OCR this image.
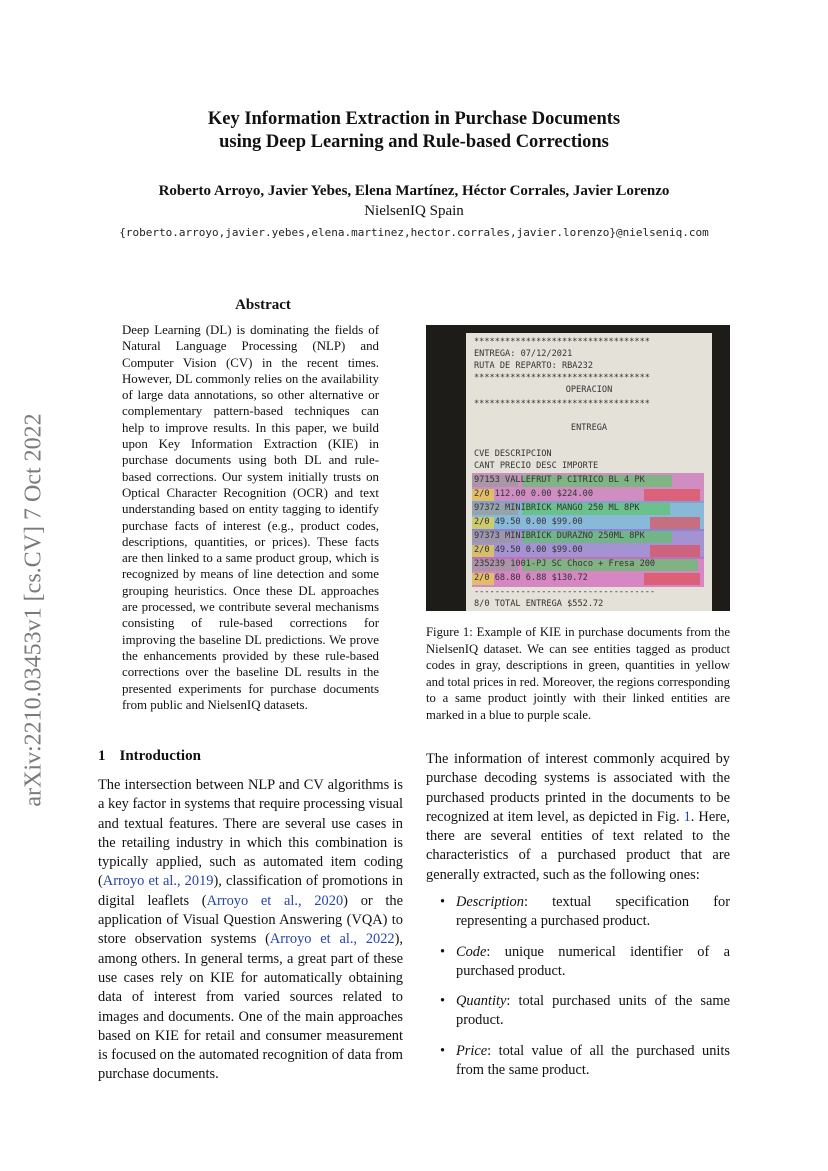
Key Information Extraction in Purchase Documents
using Deep Learning and Rule-based Corrections
Roberto Arroyo, Javier Yebes, Elena Martínez, Héctor Corrales, Javier Lorenzo
NielsenIQ Spain
{roberto.arroyo,javier.yebes,elena.martinez,hector.corrales,javier.lorenzo}@nielseniq.com
arXiv:2210.03453v1 [cs.CV] 7 Oct 2022
Abstract
Deep Learning (DL) is dominating the fields of Natural Language Processing (NLP) and Computer Vision (CV) in the recent times. However, DL commonly relies on the availability of large data annotations, so other alternative or complementary pattern-based techniques can help to improve results. In this paper, we build upon Key Information Extraction (KIE) in purchase documents using both DL and rule-based corrections. Our system initially trusts on Optical Character Recognition (OCR) and text understanding based on entity tagging to identify purchase facts of interest (e.g., product codes, descriptions, quantities, or prices). These facts are then linked to a same product group, which is recognized by means of line detection and some grouping heuristics. Once these DL approaches are processed, we contribute several mechanisms consisting of rule-based corrections for improving the baseline DL predictions. We prove the enhancements provided by these rule-based corrections over the baseline DL results in the presented experiments for purchase documents from public and NielsenIQ datasets.
1 Introduction
The intersection between NLP and CV algorithms is a key factor in systems that require processing visual and textual features. There are several use cases in the retailing industry in which this combination is typically applied, such as automated item coding (Arroyo et al., 2019), classification of promotions in digital leaflets (Arroyo et al., 2020) or the application of Visual Question Answering (VQA) to store observation systems (Arroyo et al., 2022), among others. In general terms, a great part of these use cases rely on KIE for automatically obtaining data of interest from varied sources related to images and documents. One of the main approaches based on KIE for retail and consumer measurement is focused on the automated recognition of data from purchase documents.
**********************************
ENTREGA: 07/12/2021
RUTA DE REPARTO: RBA232
**********************************
OPERACION
**********************************
ENTREGA
CVE DESCRIPCION
CANT PRECIO DESC IMPORTE
97153 VALLEFRUT P CITRICO BL 4 PK
2/0 112.00 0.00 $224.00
97372 MINIBRICK MANGO 250 ML 8PK
2/0 49.50 0.00 $99.00
97373 MINIBRICK DURAZNO 250ML 8PK
2/0 49.50 0.00 $99.00
235239 1001-PJ SC Choco + Fresa 200
2/0 68.80 6.88 $130.72
-----------------------------------
8/0 TOTAL ENTREGA $552.72
Figure 1: Example of KIE in purchase documents from the NielsenIQ dataset. We can see entities tagged as product codes in gray, descriptions in green, quantities in yellow and total prices in red. Moreover, the regions corresponding to a same product jointly with their linked entities are marked in a blue to purple scale.
The information of interest commonly acquired by purchase decoding systems is associated with the purchased products printed in the documents to be recognized at item level, as depicted in Fig. 1. Here, there are several entities of text related to the characteristics of a purchased product that are generally extracted, such as the following ones:
• Description: textual specification for representing a purchased product.
• Code: unique numerical identifier of a purchased product.
• Quantity: total purchased units of the same product.
• Price: total value of all the purchased units from the same product.
